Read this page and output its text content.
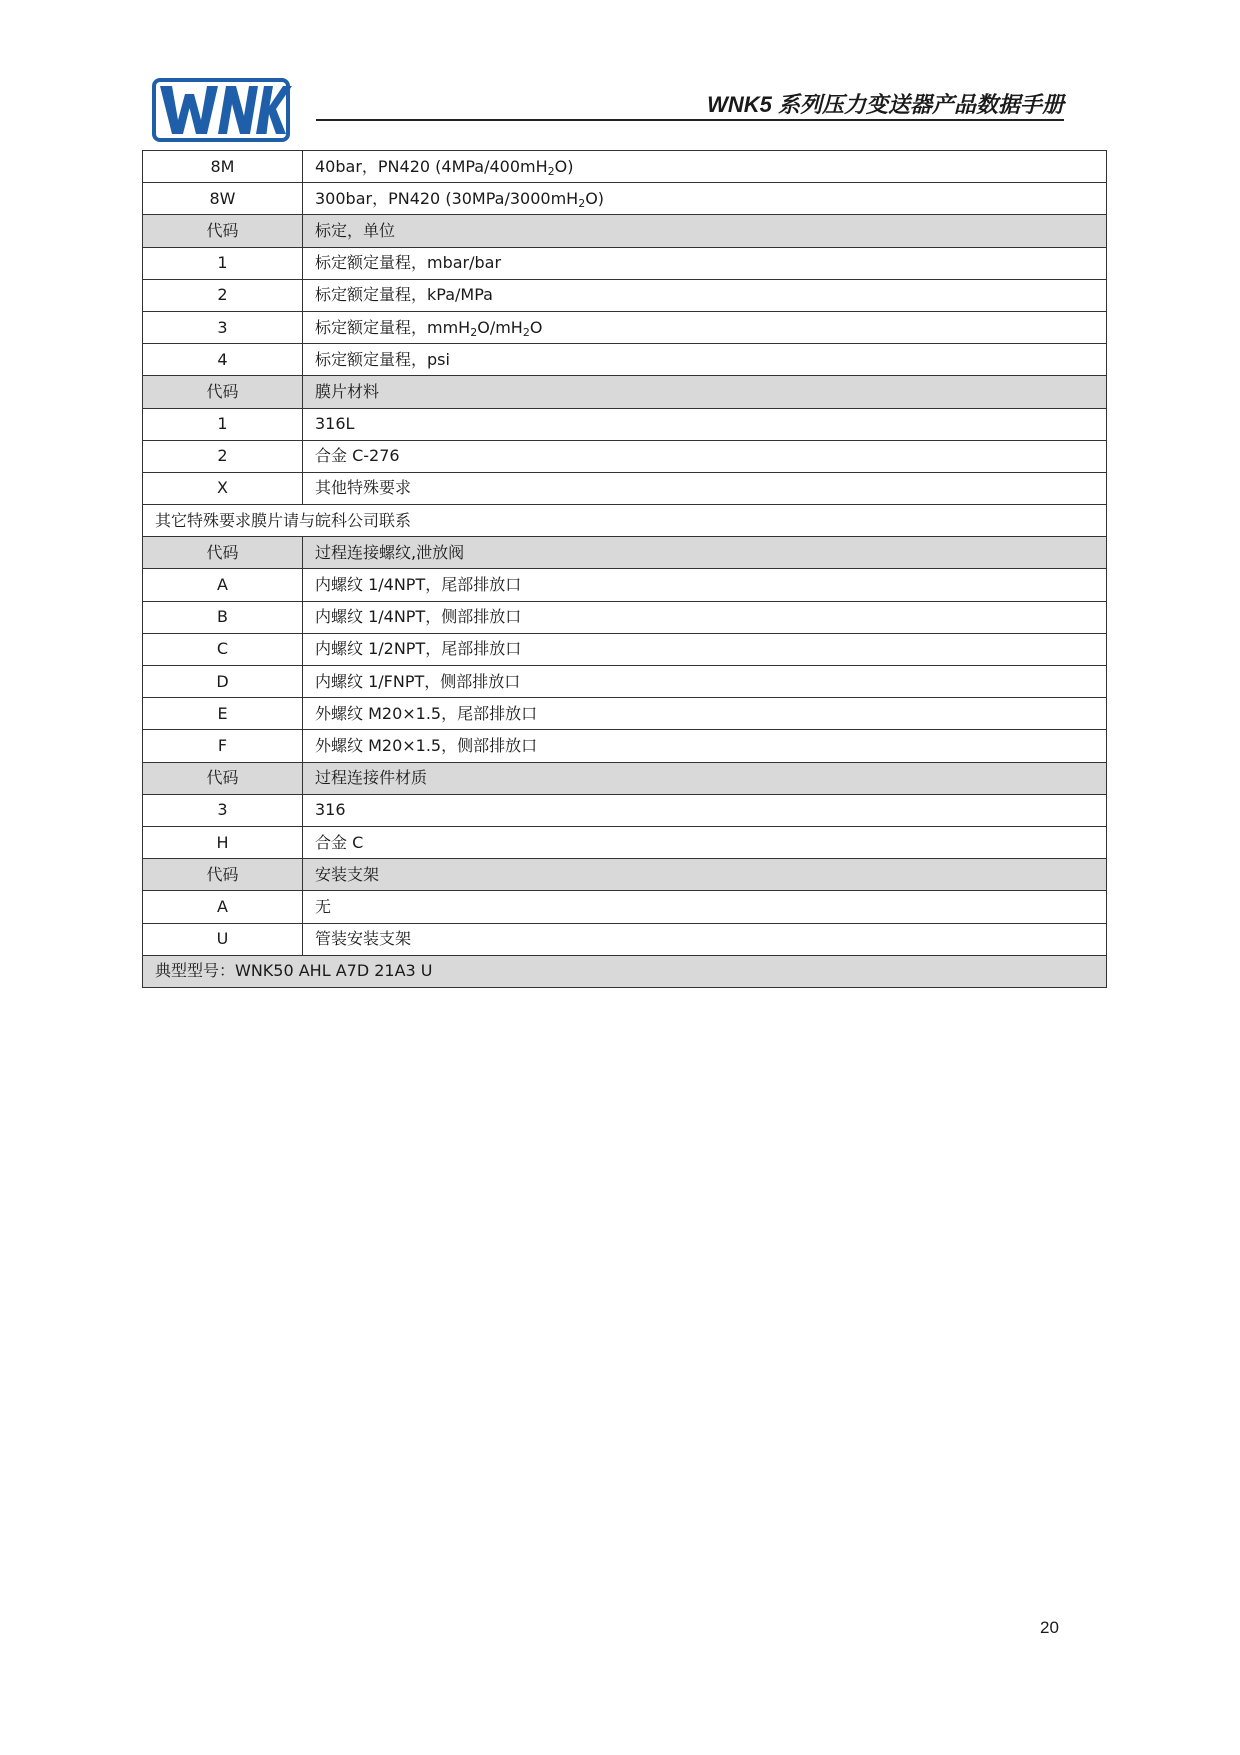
WNK5 系列压力变送器产品数据手册
8M	40bar，PN420 $(4MPa/400mH_2O)$
8W	300bar，PN420 $(30MPa/3000mH_2O)$
代码	标定，单位
1	标定额定量程，mbar/bar
2	标定额定量程，kPa/MPa
3	标定额定量程，$mmH_2O/mH_2O$
4	标定额定量程，psi
代码	膜片材料
1	316L
2	合金 C-276
X	其他特殊要求
其它特殊要求膜片请与皖科公司联系	
代码	过程连接螺纹,泄放阀
A	内螺纹 1/4NPT，尾部排放口
B	内螺纹 1/4NPT，侧部排放口
C	内螺纹 1/2NPT，尾部排放口
D	内螺纹 1/FNPT，侧部排放口
E	外螺纹 M20×1.5，尾部排放口
F	外螺纹 M20×1.5，侧部排放口
代码	过程连接件材质
3	316
H	合金 C
代码	安装支架
A	无
U	管装安装支架
典型型号：WNK50 AHL A7D 21A3 U	
20
